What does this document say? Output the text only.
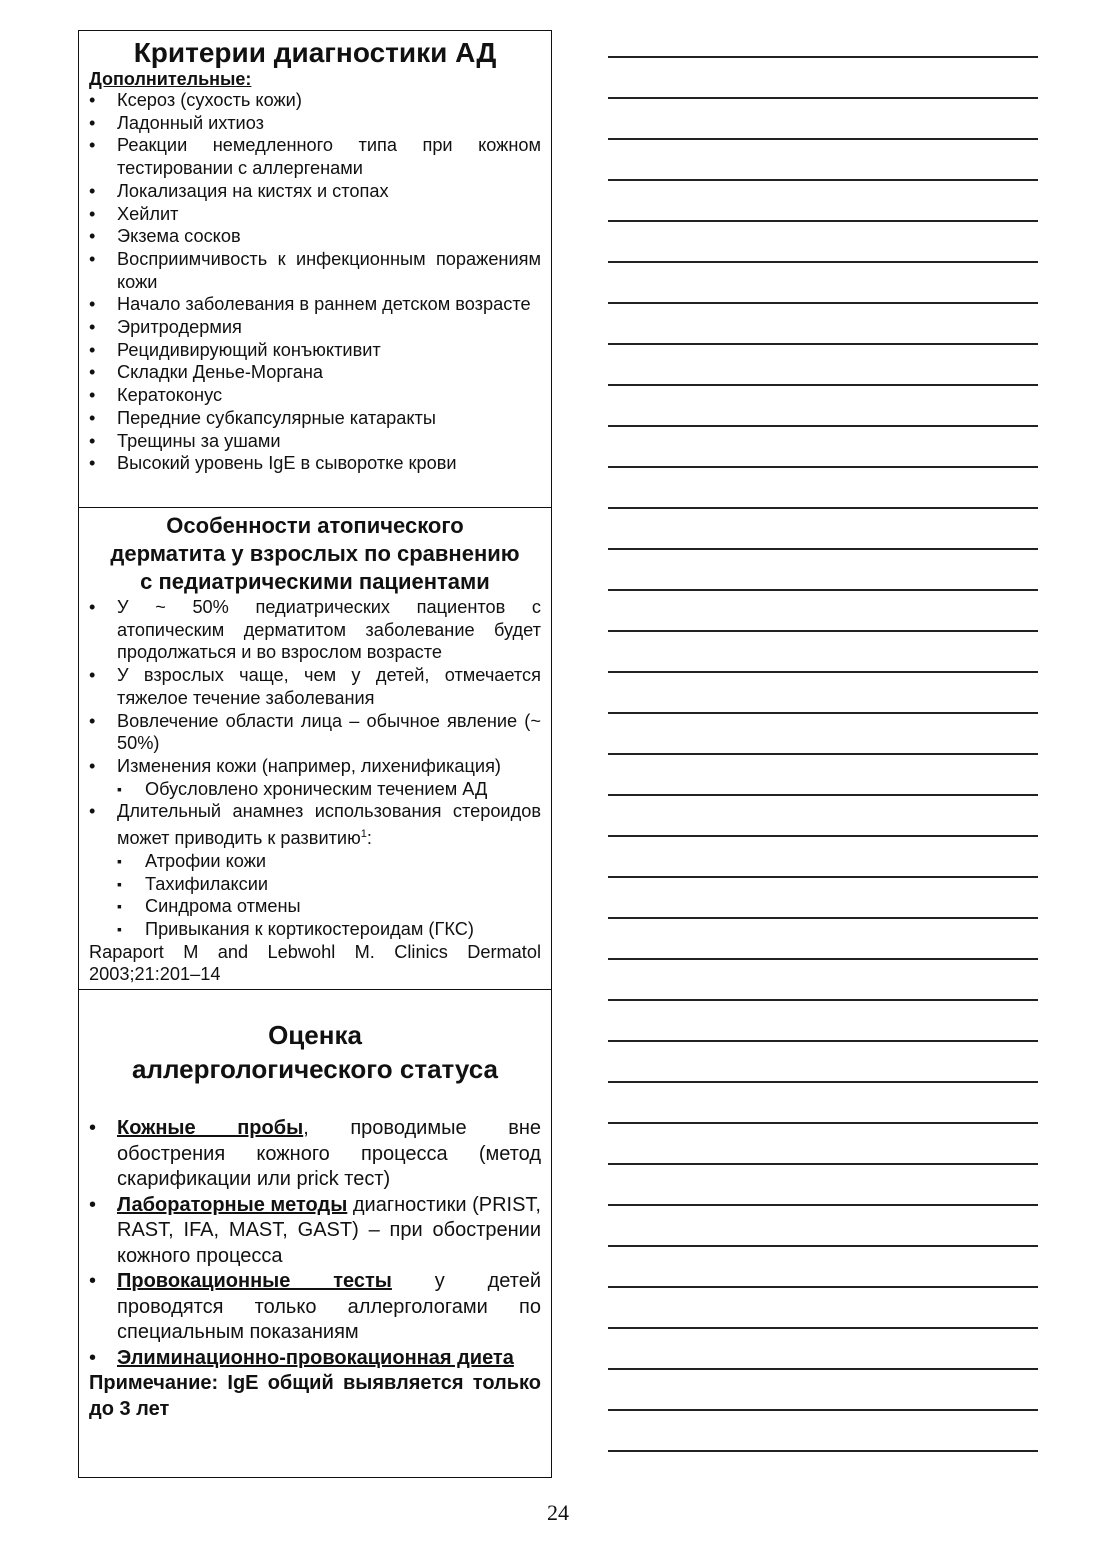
Критерии диагностики АД

Дополнительные:

• Ксероз (сухость кожи)
• Ладонный ихтиоз
• Реакции немедленного типа при кожном тестировании с аллергенами
• Локализация на кистях и стопах
• Хейлит
• Экзема сосков
• Восприимчивость к инфекционным поражениям кожи
• Начало заболевания в раннем детском возрасте
• Эритродермия
• Рецидивирующий конъюктивит
• Складки Денье-Моргана
• Кератоконус
• Передние субкапсулярные катаракты
• Трещины за ушами
• Высокий уровень IgE в сыворотке крови
Особенности атопического
дерматита у взрослых по сравнению
с педиатрическими пациентами
• У ~ 50% педиатрических пациентов с атопическим дерматитом заболевание будет продолжаться и во взрослом возрасте
• У взрослых чаще, чем у детей, отмечается тяжелое течение заболевания
• Вовлечение области лица – обычное явление (~ 50%)
• Изменения кожи (например, лихенификация)
▪ Обусловлено хроническим течением АД
• Длительный анамнез использования стероидов может приводить к развитию$^1$:
▪ Атрофии кожи
▪ Тахифилаксии
▪ Синдрома отмены
▪ Привыкания к кортикостероидам (ГКС)
Rapaport M and Lebwohl M. Clinics Dermatol 2003;21:201–14
Оценка
аллергологического статуса
• Кожные пробы, проводимые вне обострения кожного процесса (метод скарификации или prick тест)
• Лабораторные методы диагностики (PRIST, RAST, IFA, MAST, GAST) – при обострении кожного процесса
• Провокационные тесты у детей проводятся только аллергологами по специальным показаниям
• Элиминационно-провокационная диета
Примечание: IgE общий выявляется только до 3 лет
24
